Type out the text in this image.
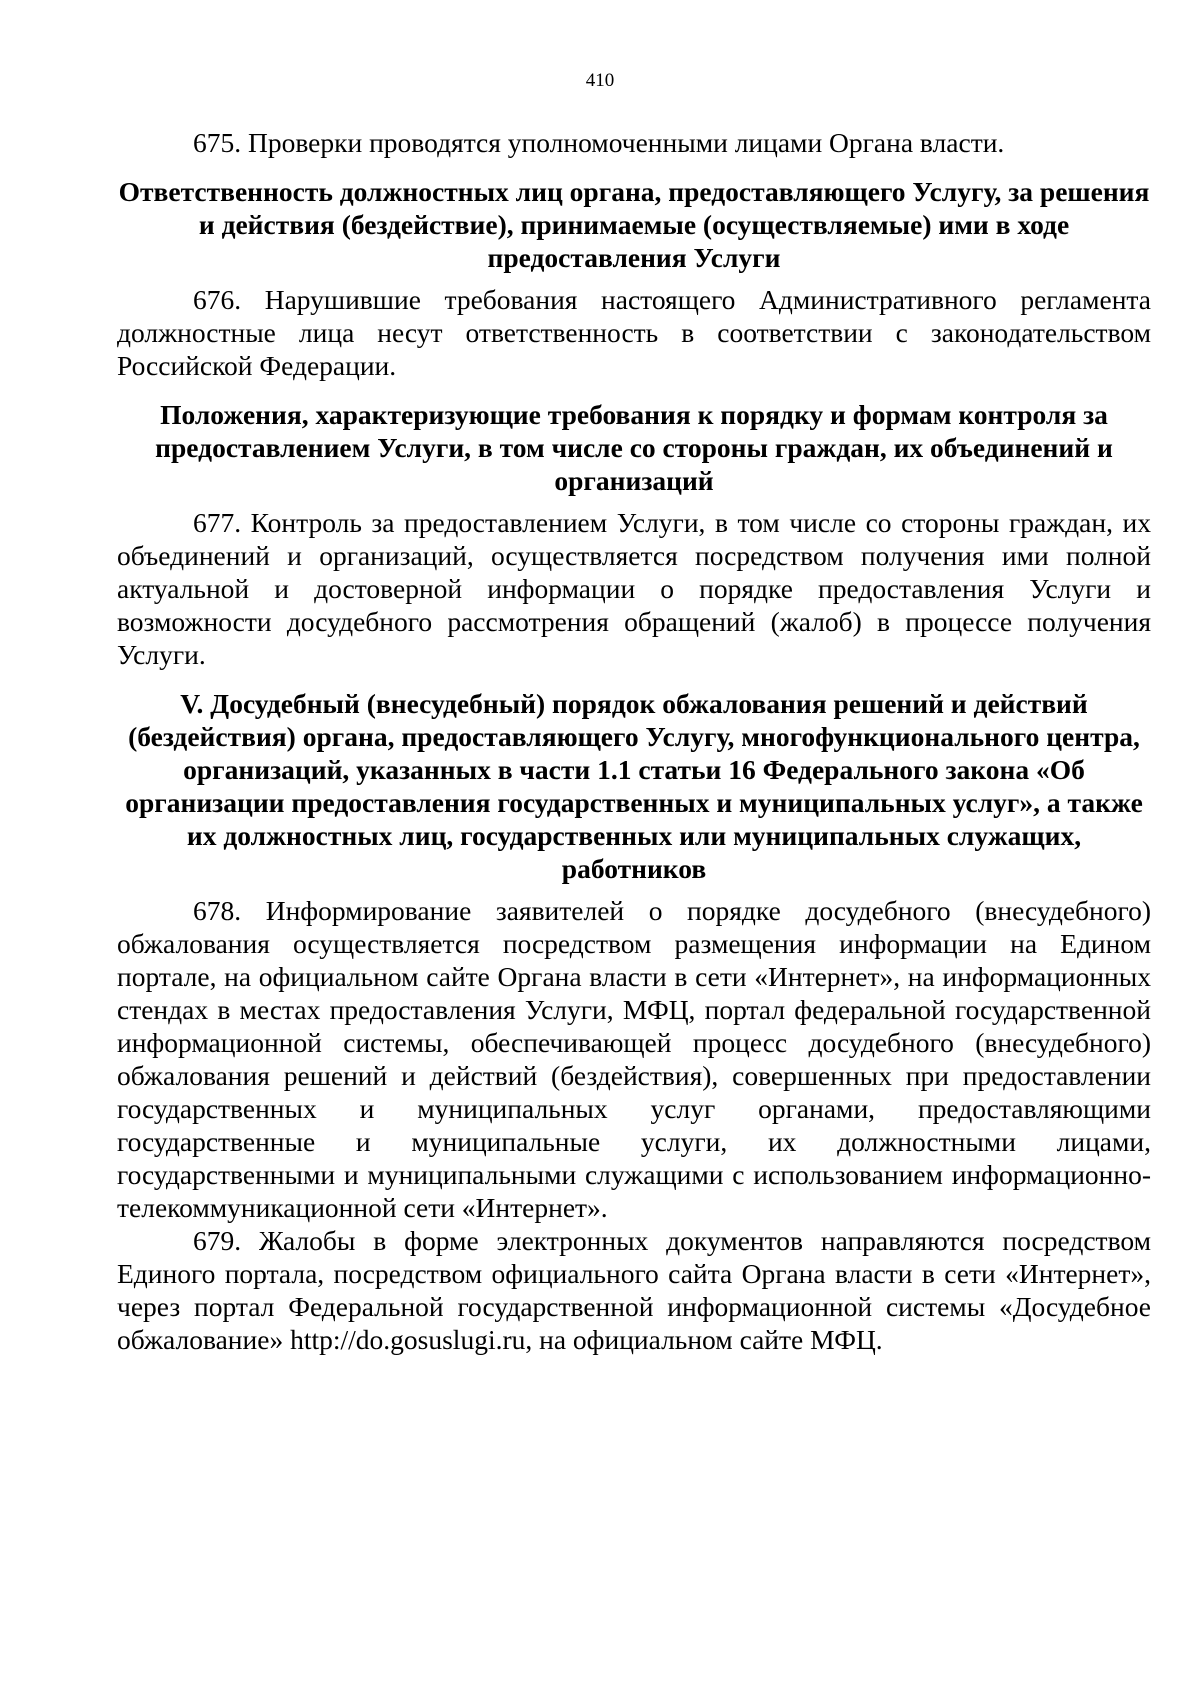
410

675. Проверки проводятся уполномоченными лицами Органа власти.

Ответственность должностных лиц органа, предоставляющего Услугу, за решения и действия (бездействие), принимаемые (осуществляемые) ими в ходе предоставления Услуги

676. Нарушившие требования настоящего Административного регламента должностные лица несут ответственность в соответствии с законодательством Российской Федерации.

Положения, характеризующие требования к порядку и формам контроля за предоставлением Услуги, в том числе со стороны граждан, их объединений и организаций

677. Контроль за предоставлением Услуги, в том числе со стороны граждан, их объединений и организаций, осуществляется посредством получения ими полной актуальной и достоверной информации о порядке предоставления Услуги и возможности досудебного рассмотрения обращений (жалоб) в процессе получения Услуги.

V. Досудебный (внесудебный) порядок обжалования решений и действий (бездействия) органа, предоставляющего Услугу, многофункционального центра, организаций, указанных в части 1.1 статьи 16 Федерального закона «Об организации предоставления государственных и муниципальных услуг», а также их должностных лиц, государственных или муниципальных служащих, работников

678. Информирование заявителей о порядке досудебного (внесудебного) обжалования осуществляется посредством размещения информации на Едином портале, на официальном сайте Органа власти в сети «Интернет», на информационных стендах в местах предоставления Услуги, МФЦ, портал федеральной государственной информационной системы, обеспечивающей процесс досудебного (внесудебного) обжалования решений и действий (бездействия), совершенных при предоставлении государственных и муниципальных услуг органами, предоставляющими государственные и муниципальные услуги, их должностными лицами, государственными и муниципальными служащими с использованием информационно-телекоммуникационной сети «Интернет».

679. Жалобы в форме электронных документов направляются посредством Единого портала, посредством официального сайта Органа власти в сети «Интернет», через портал Федеральной государственной информационной системы «Досудебное обжалование» http://do.gosuslugi.ru, на официальном сайте МФЦ.
